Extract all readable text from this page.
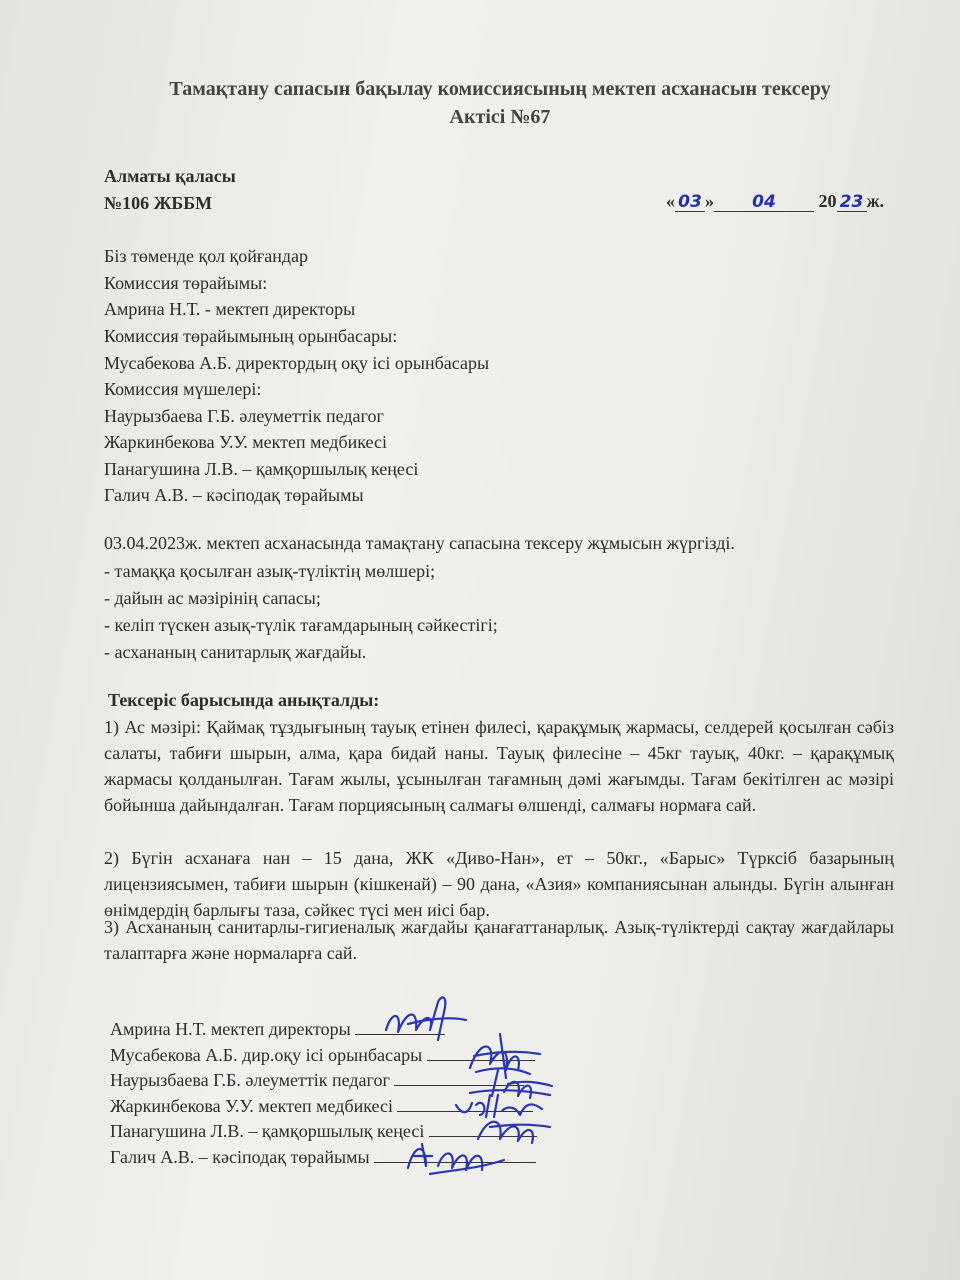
Тамақтану сапасын бақылау комиссиясының мектеп асханасын тексеру
Актісі №67
Алматы қаласы
№106 ЖББМ	« 03 » 04 20 23 ж.
Біз төменде қол қойғандар
Комиссия төрайымы:
Амрина Н.Т. - мектеп директоры
Комиссия төрайымының орынбасары:
Мусабекова А.Б. директордың оқу ісі орынбасары
Комиссия мүшелері:
Наурызбаева Г.Б. әлеуметтік педагог
Жаркинбекова У.У. мектеп медбикесі
Панагушина Л.В. – қамқоршылық кеңесі
Галич А.В. – кәсіподақ төрайымы
03.04.2023ж. мектеп асханасында тамақтану сапасына тексеру жұмысын жүргізді.
- тамаққа қосылған азық-түліктің мөлшері;
- дайын ас мәзірінің сапасы;
- келіп түскен азық-түлік тағамдарының сәйкестігі;
- асхананың санитарлық жағдайы.
Тексеріс барысында анықталды:
1) Ас мәзірі: Қаймақ тұздығының тауық етінен филесі, қарақұмық жармасы, селдерей қосылған сәбіз салаты, табиғи шырын, алма, қара бидай наны. Тауық филесіне – 45кг тауық, 40кг. – қарақұмық жармасы қолданылған. Тағам жылы, ұсынылған тағамның дәмі жағымды. Тағам бекітілген ас мәзірі бойынша дайындалған. Тағам порциясының салмағы өлшенді, салмағы нормаға сай.
2) Бүгін асханаға нан – 15 дана, ЖК «Диво-Нан», ет – 50кг., «Барыс» Түрксіб базарының лицензиясымен, табиғи шырын (кішкенай) – 90 дана, «Азия» компаниясынан алынды. Бүгін алынған өнімдердің барлығы таза, сәйкес түсі мен иісі бар.
3) Асхананың санитарлы-гигиеналық жағдайы қанағаттанарлық. Азық-түліктерді сақтау жағдайлары талаптарға және нормаларға сай.
Амрина Н.Т. мектеп директоры
Мусабекова А.Б. дир.оқу ісі орынбасары
Наурызбаева Г.Б. әлеуметтік педагог
Жаркинбекова У.У. мектеп медбикесі
Панагушина Л.В. – қамқоршылық кеңесі
Галич А.В. – кәсіподақ төрайымы
